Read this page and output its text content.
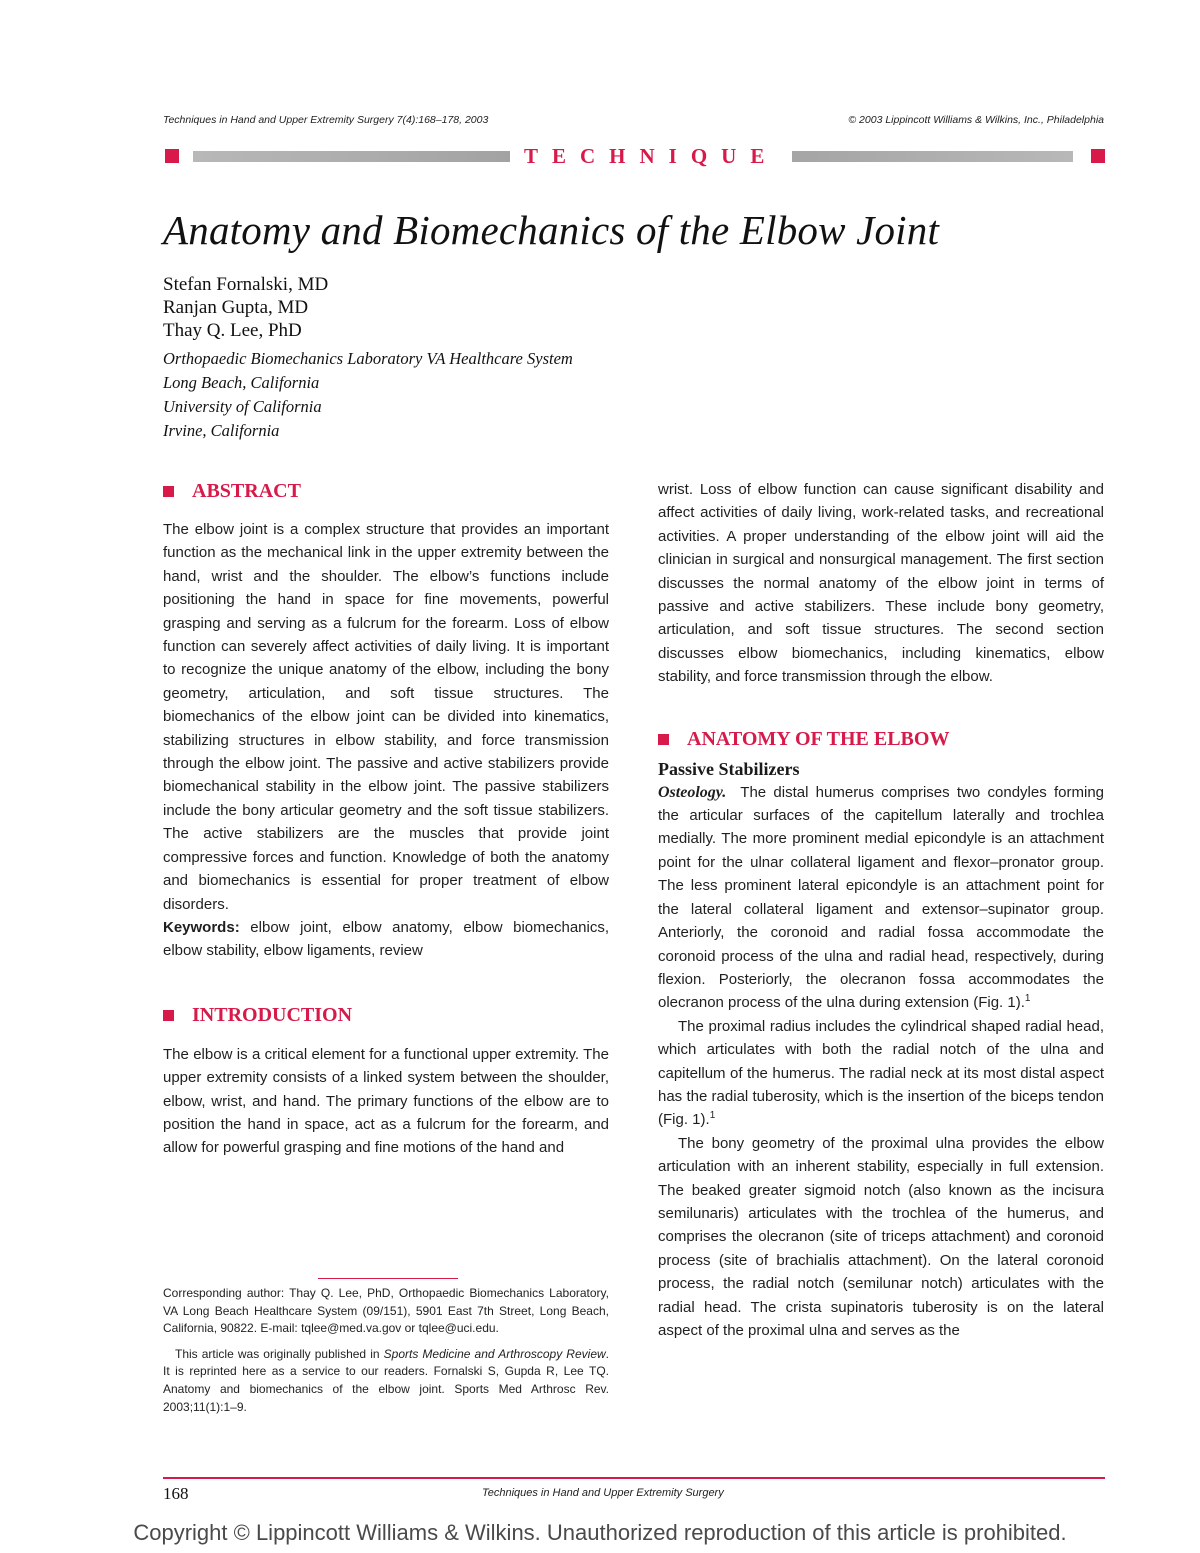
Techniques in Hand and Upper Extremity Surgery 7(4):168–178, 2003	© 2003 Lippincott Williams & Wilkins, Inc., Philadelphia
TECHNIQUE
Anatomy and Biomechanics of the Elbow Joint
Stefan Fornalski, MD
Ranjan Gupta, MD
Thay Q. Lee, PhD
Orthopaedic Biomechanics Laboratory VA Healthcare System
Long Beach, California
University of California
Irvine, California
ABSTRACT

The elbow joint is a complex structure that provides an important function as the mechanical link in the upper extremity between the hand, wrist and the shoulder. The elbow’s functions include positioning the hand in space for fine movements, powerful grasping and serving as a fulcrum for the forearm. Loss of elbow function can severely affect activities of daily living. It is important to recognize the unique anatomy of the elbow, including the bony geometry, articulation, and soft tissue structures. The biomechanics of the elbow joint can be divided into kinematics, stabilizing structures in elbow stability, and force transmission through the elbow joint. The passive and active stabilizers provide biomechanical stability in the elbow joint. The passive stabilizers include the bony articular geometry and the soft tissue stabilizers. The active stabilizers are the muscles that provide joint compressive forces and function. Knowledge of both the anatomy and biomechanics is essential for proper treatment of elbow disorders.

Keywords: elbow joint, elbow anatomy, elbow biomechanics, elbow stability, elbow ligaments, review

INTRODUCTION

The elbow is a critical element for a functional upper extremity. The upper extremity consists of a linked system between the shoulder, elbow, wrist, and hand. The primary functions of the elbow are to position the hand in space, act as a fulcrum for the forearm, and allow for powerful grasping and fine motions of the hand and

wrist. Loss of elbow function can cause significant disability and affect activities of daily living, work-related tasks, and recreational activities. A proper understanding of the elbow joint will aid the clinician in surgical and nonsurgical management. The first section discusses the normal anatomy of the elbow joint in terms of passive and active stabilizers. These include bony geometry, articulation, and soft tissue structures. The second section discusses elbow biomechanics, including kinematics, elbow stability, and force transmission through the elbow.

ANATOMY OF THE ELBOW

Passive Stabilizers

Osteology. The distal humerus comprises two condyles forming the articular surfaces of the capitellum laterally and trochlea medially. The more prominent medial epicondyle is an attachment point for the ulnar collateral ligament and flexor–pronator group. The less prominent lateral epicondyle is an attachment point for the lateral collateral ligament and extensor–supinator group. Anteriorly, the coronoid and radial fossa accommodate the coronoid process of the ulna and radial head, respectively, during flexion. Posteriorly, the olecranon fossa accommodates the olecranon process of the ulna during extension (Fig. 1).$^1$

The proximal radius includes the cylindrical shaped radial head, which articulates with both the radial notch of the ulna and capitellum of the humerus. The radial neck at its most distal aspect has the radial tuberosity, which is the insertion of the biceps tendon (Fig. 1).$^1$

The bony geometry of the proximal ulna provides the elbow articulation with an inherent stability, especially in full extension. The beaked greater sigmoid notch (also known as the incisura semilunaris) articulates with the trochlea of the humerus, and comprises the olecranon (site of triceps attachment) and coronoid process (site of brachialis attachment). On the lateral coronoid process, the radial notch (semilunar notch) articulates with the radial head. The crista supinatoris tuberosity is on the lateral aspect of the proximal ulna and serves as the

Corresponding author: Thay Q. Lee, PhD, Orthopaedic Biomechanics Laboratory, VA Long Beach Healthcare System (09/151), 5901 East 7th Street, Long Beach, California, 90822. E-mail: tqlee@med.va.gov or tqlee@uci.edu.

This article was originally published in Sports Medicine and Arthroscopy Review. It is reprinted here as a service to our readers. Fornalski S, Gupda R, Lee TQ. Anatomy and biomechanics of the elbow joint. Sports Med Arthrosc Rev. 2003;11(1):1–9.

168	Techniques in Hand and Upper Extremity Surgery
Copyright © Lippincott Williams & Wilkins. Unauthorized reproduction of this article is prohibited.
